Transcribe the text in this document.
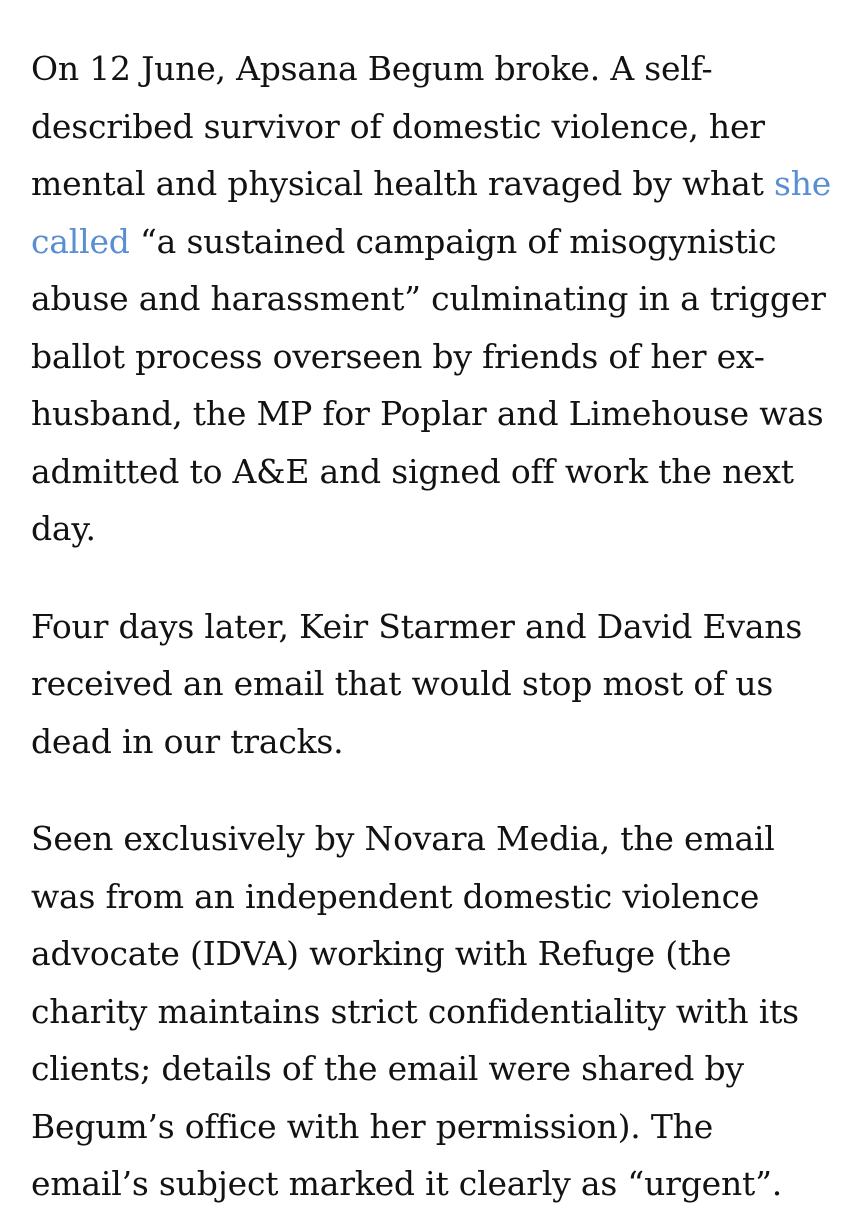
On 12 June, Apsana Begum broke. A self-
described survivor of domestic violence, her
mental and physical health ravaged by what she
called “a sustained campaign of misogynistic
abuse and harassment” culminating in a trigger
ballot process overseen by friends of her ex-
husband, the MP for Poplar and Limehouse was
admitted to A&E and signed off work the next
day.

Four days later, Keir Starmer and David Evans
received an email that would stop most of us
dead in our tracks.

Seen exclusively by Novara Media, the email
was from an independent domestic violence
advocate (IDVA) working with Refuge (the
charity maintains strict confidentiality with its
clients; details of the email were shared by
Begum’s office with her permission). The
email’s subject marked it clearly as “urgent”.
